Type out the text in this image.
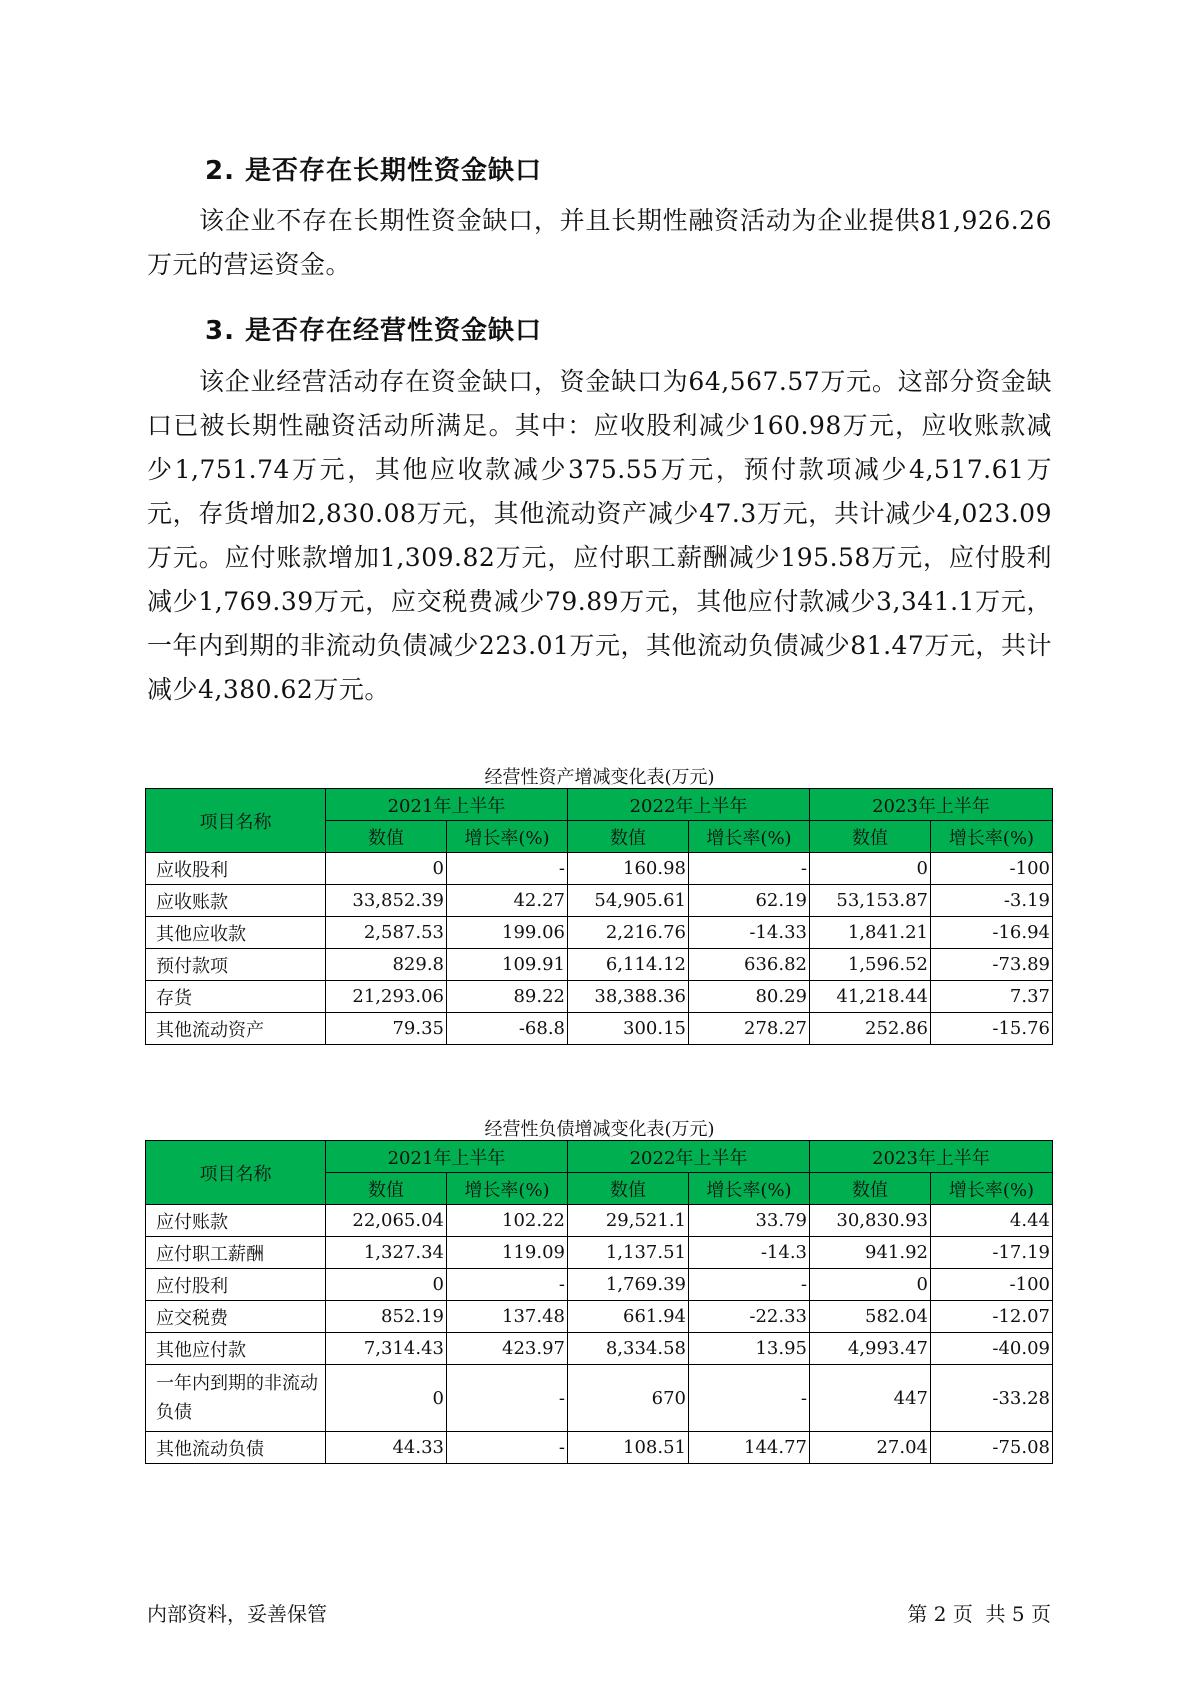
2. 是否存在长期性资金缺口

该企业不存在长期性资金缺口，并且长期性融资活动为企业提供81,926.26万元的营运资金。

3. 是否存在经营性资金缺口

该企业经营活动存在资金缺口，资金缺口为64,567.57万元。这部分资金缺口已被长期性融资活动所满足。其中：应收股利减少160.98万元，应收账款减少1,751.74万元，其他应收款减少375.55万元，预付款项减少4,517.61万元，存货增加2,830.08万元，其他流动资产减少47.3万元，共计减少4,023.09万元。应付账款增加1,309.82万元，应付职工薪酬减少195.58万元，应付股利减少1,769.39万元，应交税费减少79.89万元，其他应付款减少3,341.1万元，一年内到期的非流动负债减少223.01万元，其他流动负债减少81.47万元，共计减少4,380.62万元。

经营性资产增减变化表(万元)
项目名称	2021年上半年		2022年上半年		2023年上半年	
	数值	增长率(%)	数值	增长率(%)	数值	增长率(%)
应收股利	0	-	160.98	-	0	-100
应收账款	33,852.39	42.27	54,905.61	62.19	53,153.87	-3.19
其他应收款	2,587.53	199.06	2,216.76	-14.33	1,841.21	-16.94
预付款项	829.8	109.91	6,114.12	636.82	1,596.52	-73.89
存货	21,293.06	89.22	38,388.36	80.29	41,218.44	7.37
其他流动资产	79.35	-68.8	300.15	278.27	252.86	-15.76
经营性负债增减变化表(万元)
项目名称	2021年上半年		2022年上半年		2023年上半年	
	数值	增长率(%)	数值	增长率(%)	数值	增长率(%)
应付账款	22,065.04	102.22	29,521.1	33.79	30,830.93	4.44
应付职工薪酬	1,327.34	119.09	1,137.51	-14.3	941.92	-17.19
应付股利	0	-	1,769.39	-	0	-100
应交税费	852.19	137.48	661.94	-22.33	582.04	-12.07
其他应付款	7,314.43	423.97	8,334.58	13.95	4,993.47	-40.09
一年内到期的非流动负债	0	-	670	-	447	-33.28
其他流动负债	44.33	-	108.51	144.77	27.04	-75.08
内部资料，妥善保管	第 2 页  共 5 页
